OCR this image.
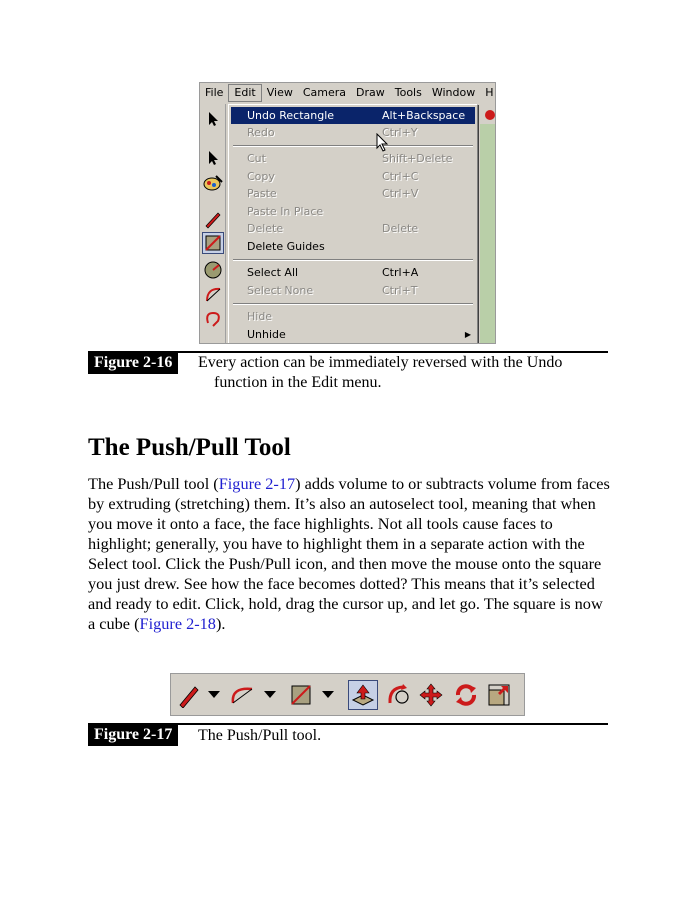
File	Edit	View Camera Draw Tools Window H
Undo Rectangle	Alt+Backspace
Redo	Ctrl+Y
Cut	Shift+Delete
Copy	Ctrl+C
Paste	Ctrl+V
Paste In Place
Delete	Delete
Delete Guides
Select All	Ctrl+A
Select None	Ctrl+T
Hide
Unhide	▶
Figure 2-16	Every action can be immediately reversed with the Undo
function in the Edit menu.
The Push/Pull Tool

The Push/Pull tool (Figure 2-17) adds volume to or subtracts volume from faces by extruding (stretching) them. It’s also an autoselect tool, meaning that when you move it onto a face, the face highlights. Not all tools cause faces to highlight; generally, you have to highlight them in a separate action with the Select tool. Click the Push/Pull icon, and then move the mouse onto the square you just drew. See how the face becomes dotted? This means that it’s selected and ready to edit. Click, hold, drag the cursor up, and let go. The square is now a cube (Figure 2-18).

Figure 2-17	The Push/Pull tool.
